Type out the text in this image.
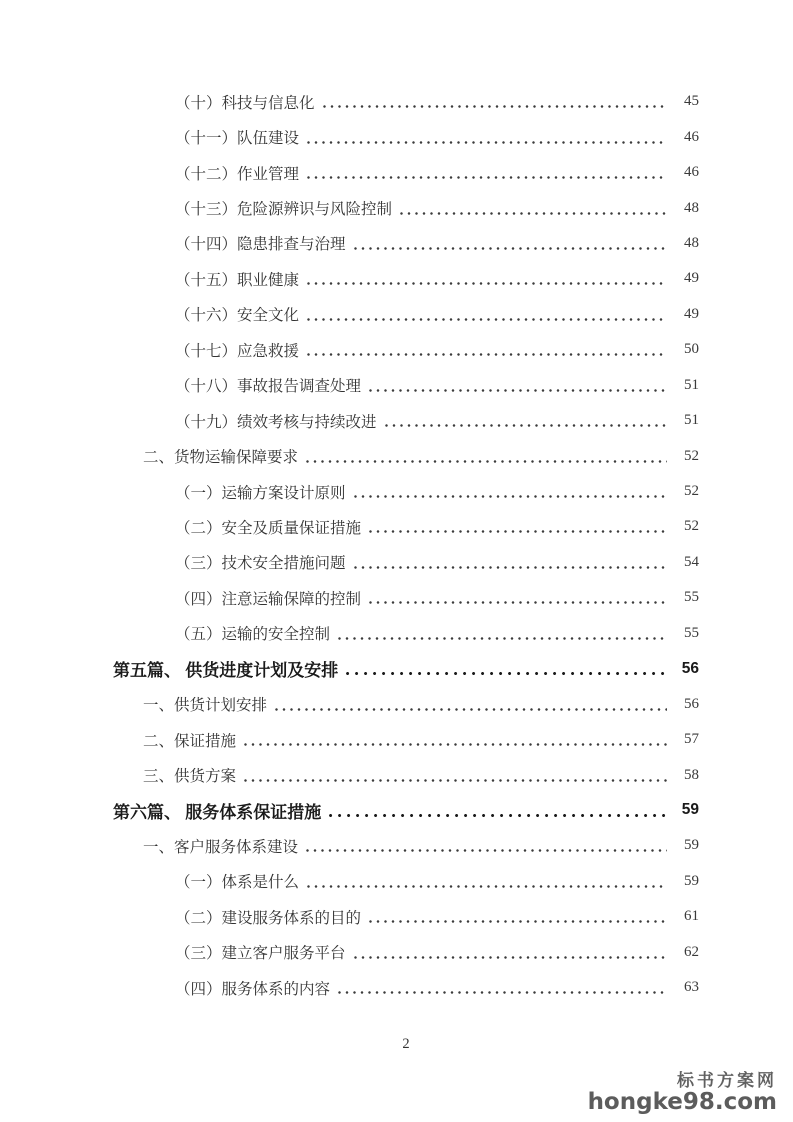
（十）科技与信息化	45
（十一）队伍建设	46
（十二）作业管理	46
（十三）危险源辨识与风险控制	48
（十四）隐患排查与治理	48
（十五）职业健康	49
（十六）安全文化	49
（十七）应急救援	50
（十八）事故报告调查处理	51
（十九）绩效考核与持续改进	51
二、货物运输保障要求	52
（一）运输方案设计原则	52
（二）安全及质量保证措施	52
（三）技术安全措施问题	54
（四）注意运输保障的控制	55
（五）运输的安全控制	55
第五篇、 供货进度计划及安排	56
一、供货计划安排	56
二、保证措施	57
三、供货方案	58
第六篇、 服务体系保证措施	59
一、客户服务体系建设	59
（一）体系是什么	59
（二）建设服务体系的目的	61
（三）建立客户服务平台	62
（四）服务体系的内容	63
2
标书方案网
hongke98.com
